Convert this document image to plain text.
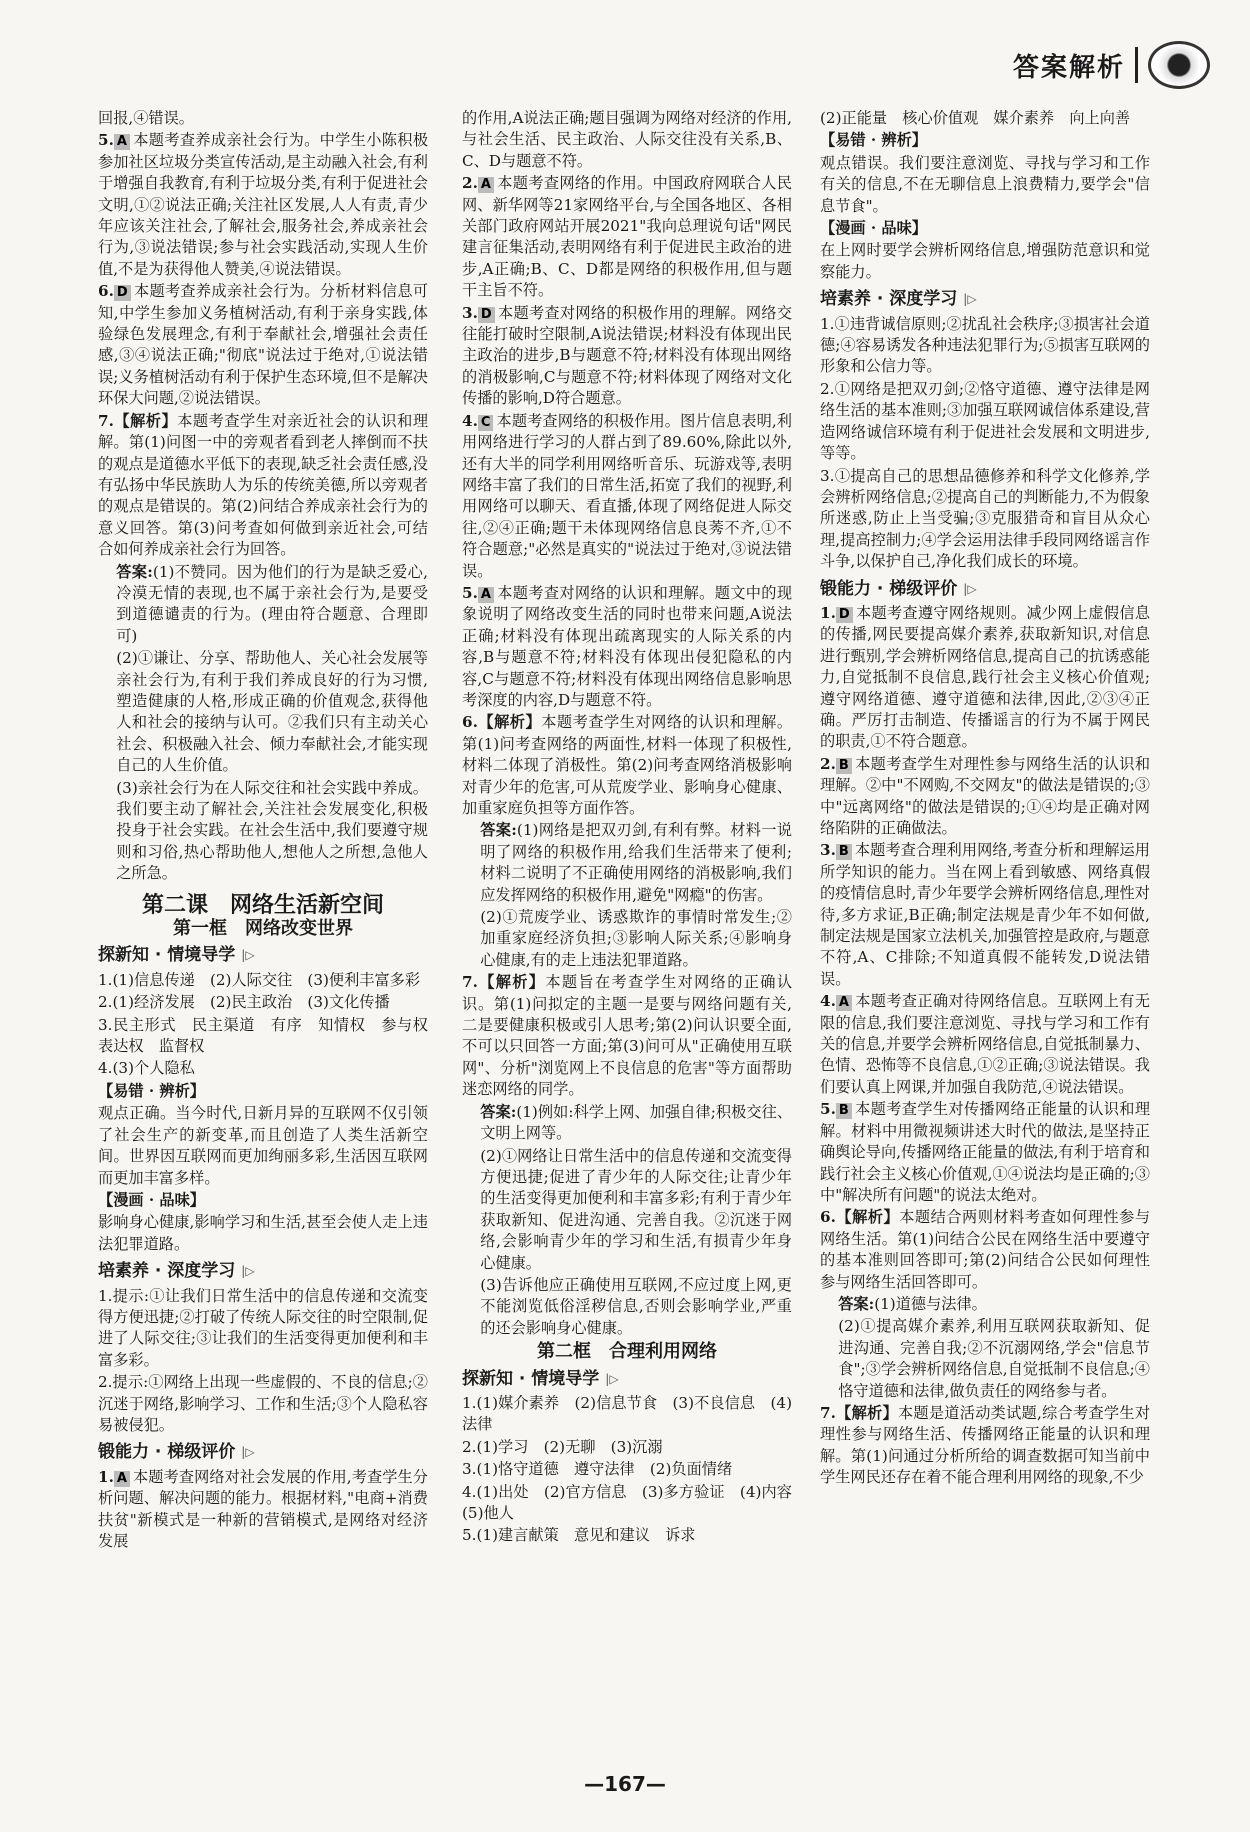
答案解析

回报,④错误。

5. A 本题考查养成亲社会行为。中学生小陈积极参加社区垃圾分类宣传活动,是主动融入社会,有利于增强自我教育,有利于垃圾分类,有利于促进社会文明,①②说法正确;关注社区发展,人人有责,青少年应该关注社会,了解社会,服务社会,养成亲社会行为,③说法错误;参与社会实践活动,实现人生价值,不是为获得他人赞美,④说法错误。

6. D 本题考查养成亲社会行为。分析材料信息可知,中学生参加义务植树活动,有利于亲身实践,体验绿色发展理念,有利于奉献社会,增强社会责任感,③④说法正确;"彻底"说法过于绝对,①说法错误;义务植树活动有利于保护生态环境,但不是解决环保大问题,②说法错误。

7.【解析】本题考查学生对亲近社会的认识和理解。第(1)问图一中的旁观者看到老人摔倒而不扶的观点是道德水平低下的表现,缺乏社会责任感,没有弘扬中华民族助人为乐的传统美德,所以旁观者的观点是错误的。第(2)问结合养成亲社会行为的意义回答。第(3)问考查如何做到亲近社会,可结合如何养成亲社会行为回答。

答案:(1)不赞同。因为他们的行为是缺乏爱心,冷漠无情的表现,也不属于亲社会行为,是要受到道德谴责的行为。(理由符合题意、合理即可)

(2)①谦让、分享、帮助他人、关心社会发展等亲社会行为,有利于我们养成良好的行为习惯,塑造健康的人格,形成正确的价值观念,获得他人和社会的接纳与认可。②我们只有主动关心社会、积极融入社会、倾力奉献社会,才能实现自己的人生价值。

(3)亲社会行为在人际交往和社会实践中养成。我们要主动了解社会,关注社会发展变化,积极投身于社会实践。在社会生活中,我们要遵守规则和习俗,热心帮助他人,想他人之所想,急他人之所急。

第二课　网络生活新空间
第一框　网络改变世界
探新知 · 情境导学 |▷

1.(1)信息传递　(2)人际交往　(3)便利丰富多彩

2.(1)经济发展　(2)民主政治　(3)文化传播

3.民主形式　民主渠道　有序　知情权　参与权　表达权　监督权

4.(3)个人隐私

【易错 · 辨析】

观点正确。当今时代,日新月异的互联网不仅引领了社会生产的新变革,而且创造了人类生活新空间。世界因互联网而更加绚丽多彩,生活因互联网而更加丰富多样。

【漫画 · 品味】

影响身心健康,影响学习和生活,甚至会使人走上违法犯罪道路。

培素养 · 深度学习 |▷

1.提示:①让我们日常生活中的信息传递和交流变得方便迅捷;②打破了传统人际交往的时空限制,促进了人际交往;③让我们的生活变得更加便利和丰富多彩。

2.提示:①网络上出现一些虚假的、不良的信息;②沉迷于网络,影响学习、工作和生活;③个人隐私容易被侵犯。

锻能力 · 梯级评价 |▷

1. A 本题考查网络对社会发展的作用,考查学生分析问题、解决问题的能力。根据材料,"电商+消费扶贫"新模式是一种新的营销模式,是网络对经济发展

的作用,A说法正确;题目强调为网络对经济的作用,与社会生活、民主政治、人际交往没有关系,B、C、D与题意不符。

2. A 本题考查网络的作用。中国政府网联合人民网、新华网等21家网络平台,与全国各地区、各相关部门政府网站开展2021"我向总理说句话"网民建言征集活动,表明网络有利于促进民主政治的进步,A正确;B、C、D都是网络的积极作用,但与题干主旨不符。

3. D 本题考查对网络的积极作用的理解。网络交往能打破时空限制,A说法错误;材料没有体现出民主政治的进步,B与题意不符;材料没有体现出网络的消极影响,C与题意不符;材料体现了网络对文化传播的影响,D符合题意。

4. C 本题考查网络的积极作用。图片信息表明,利用网络进行学习的人群占到了89.60%,除此以外,还有大半的同学利用网络听音乐、玩游戏等,表明网络丰富了我们的日常生活,拓宽了我们的视野,利用网络可以聊天、看直播,体现了网络促进人际交往,②④正确;题干未体现网络信息良莠不齐,①不符合题意;"必然是真实的"说法过于绝对,③说法错误。

5. A 本题考查对网络的认识和理解。题文中的现象说明了网络改变生活的同时也带来问题,A说法正确;材料没有体现出疏离现实的人际关系的内容,B与题意不符;材料没有体现出侵犯隐私的内容,C与题意不符;材料没有体现出网络信息影响思考深度的内容,D与题意不符。

6.【解析】本题考查学生对网络的认识和理解。第(1)问考查网络的两面性,材料一体现了积极性,材料二体现了消极性。第(2)问考查网络消极影响对青少年的危害,可从荒废学业、影响身心健康、加重家庭负担等方面作答。

答案:(1)网络是把双刃剑,有利有弊。材料一说明了网络的积极作用,给我们生活带来了便利;材料二说明了不正确使用网络的消极影响,我们应发挥网络的积极作用,避免"网瘾"的伤害。

(2)①荒废学业、诱惑欺诈的事情时常发生;②加重家庭经济负担;③影响人际关系;④影响身心健康,有的走上违法犯罪道路。

7.【解析】本题旨在考查学生对网络的正确认识。第(1)问拟定的主题一是要与网络问题有关,二是要健康积极或引人思考;第(2)问认识要全面,不可以只回答一方面;第(3)问可从"正确使用互联网"、分析"浏览网上不良信息的危害"等方面帮助迷恋网络的同学。

答案:(1)例如:科学上网、加强自律;积极交往、文明上网等。

(2)①网络让日常生活中的信息传递和交流变得方便迅捷;促进了青少年的人际交往;让青少年的生活变得更加便利和丰富多彩;有利于青少年获取新知、促进沟通、完善自我。②沉迷于网络,会影响青少年的学习和生活,有损青少年身心健康。

(3)告诉他应正确使用互联网,不应过度上网,更不能浏览低俗淫秽信息,否则会影响学业,严重的还会影响身心健康。

第二框　合理利用网络
探新知 · 情境导学 |▷

1.(1)媒介素养　(2)信息节食　(3)不良信息　(4)法律

2.(1)学习　(2)无聊　(3)沉溺

3.(1)恪守道德　遵守法律　(2)负面情绪

4.(1)出处　(2)官方信息　(3)多方验证　(4)内容　(5)他人

5.(1)建言献策　意见和建议　诉求

(2)正能量　核心价值观　媒介素养　向上向善

【易错 · 辨析】

观点错误。我们要注意浏览、寻找与学习和工作有关的信息,不在无聊信息上浪费精力,要学会"信息节食"。

【漫画 · 品味】

在上网时要学会辨析网络信息,增强防范意识和觉察能力。

培素养 · 深度学习 |▷

1.①违背诚信原则;②扰乱社会秩序;③损害社会道德;④容易诱发各种违法犯罪行为;⑤损害互联网的形象和公信力等。

2.①网络是把双刃剑;②恪守道德、遵守法律是网络生活的基本准则;③加强互联网诚信体系建设,营造网络诚信环境有利于促进社会发展和文明进步,等等。

3.①提高自己的思想品德修养和科学文化修养,学会辨析网络信息;②提高自己的判断能力,不为假象所迷惑,防止上当受骗;③克服猎奇和盲目从众心理,提高控制力;④学会运用法律手段同网络谣言作斗争,以保护自己,净化我们成长的环境。

锻能力 · 梯级评价 |▷

1. D 本题考查遵守网络规则。减少网上虚假信息的传播,网民要提高媒介素养,获取新知识,对信息进行甄别,学会辨析网络信息,提高自己的抗诱惑能力,自觉抵制不良信息,践行社会主义核心价值观;遵守网络道德、遵守道德和法律,因此,②③④正确。严厉打击制造、传播谣言的行为不属于网民的职责,①不符合题意。

2. B 本题考查学生对理性参与网络生活的认识和理解。②中"不网购,不交网友"的做法是错误的;③中"远离网络"的做法是错误的;①④均是正确对网络陷阱的正确做法。

3. B 本题考查合理利用网络,考查分析和理解运用所学知识的能力。当在网上看到敏感、网络真假的疫情信息时,青少年要学会辨析网络信息,理性对待,多方求证,B正确;制定法规是青少年不如何做,制定法规是国家立法机关,加强管控是政府,与题意不符,A、C排除;不知道真假不能转发,D说法错误。

4. A 本题考查正确对待网络信息。互联网上有无限的信息,我们要注意浏览、寻找与学习和工作有关的信息,并要学会辨析网络信息,自觉抵制暴力、色情、恐怖等不良信息,①②正确;③说法错误。我们要认真上网课,并加强自我防范,④说法错误。

5. B 本题考查学生对传播网络正能量的认识和理解。材料中用微视频讲述大时代的做法,是坚持正确舆论导向,传播网络正能量的做法,有利于培育和践行社会主义核心价值观,①④说法均是正确的;③中"解决所有问题"的说法太绝对。

6.【解析】本题结合两则材料考查如何理性参与网络生活。第(1)问结合公民在网络生活中要遵守的基本准则回答即可;第(2)问结合公民如何理性参与网络生活回答即可。

答案:(1)道德与法律。

(2)①提高媒介素养,利用互联网获取新知、促进沟通、完善自我;②不沉溺网络,学会"信息节食";③学会辨析网络信息,自觉抵制不良信息;④恪守道德和法律,做负责任的网络参与者。

7.【解析】本题是道活动类试题,综合考查学生对理性参与网络生活、传播网络正能量的认识和理解。第(1)问通过分析所给的调查数据可知当前中学生网民还存在着不能合理利用网络的现象,不少

—167—
